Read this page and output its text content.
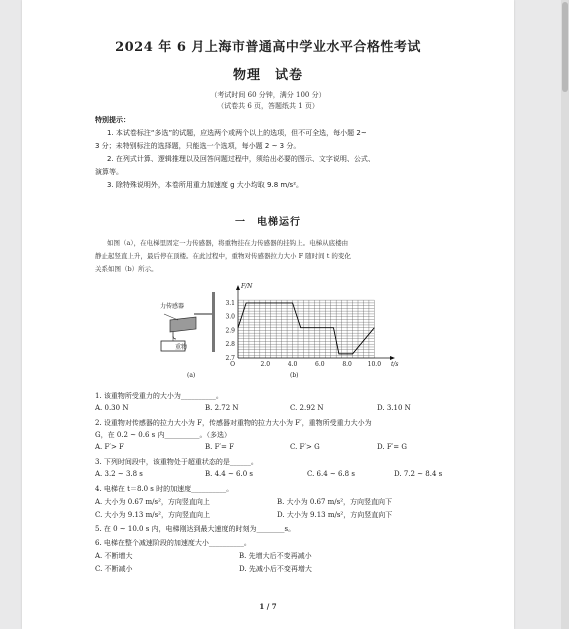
2024 年 6 月上海市普通高中学业水平合格性考试
物理　试卷
（考试时间 60 分钟，满分 100 分）
（试卷共 6 页，答题纸共 1 页）
特别提示：
1. 本试卷标注“多选”的试题，应选两个或两个以上的选项，但不可全选，每小题 2~
3 分；未特别标注的选择题，只能选一个选项，每小题 2 ~ 3 分。
2. 在列式计算、逻辑推理以及回答问题过程中，须给出必要的图示、文字说明、公式、
演算等。
3. 除特殊说明外，本卷所用重力加速度 g 大小均取 9.8 m/s²。
一　电梯运行
如图（a），在电梯里固定一力传感器，将重物挂在力传感器的挂钩上。电梯从底楼由
静止起竖直上升，最后停在顶楼。在此过程中，重物对传感器拉力大小 F 随时间 t 的变化
关系如图（b）所示。
力传感器
重物
(a)
2.0	4.0	6.0	8.0	10.0
2.7
2.8
2.9
3.0
3.1
O	t/s
F/N
(b)
1. 该重物所受重力的大小为__________。
A. 0.30 N	B. 2.72 N	C. 2.92 N	D. 3.10 N
2. 设重物对传感器的拉力大小为 F，传感器对重物的拉力大小为 F′，重物所受重力大小为
G，在 0.2 ~ 0.6 s 内__________。（多选）
A. F′> F	B. F′= F	C. F′> G	D. F′= G
3. 下列时间段中，该重物处于超重状态的是______。
A. 3.2 ~ 3.8 s	B. 4.4 ~ 6.0 s	C. 6.4 ~ 6.8 s	D. 7.2 ~ 8.4 s
4. 电梯在 t＝8.0 s 时的加速度__________。
A. 大小为 0.67 m/s²，方向竖直向上	B. 大小为 0.67 m/s²，方向竖直向下
C. 大小为 9.13 m/s²，方向竖直向上	D. 大小为 9.13 m/s²，方向竖直向下
5. 在 0 ~ 10.0 s 内，电梯刚达到最大速度的时刻为________s。
6. 电梯在整个减速阶段的加速度大小__________。
A. 不断增大	B. 先增大后不变再减小
C. 不断减小	D. 先减小后不变再增大
1 / 7
